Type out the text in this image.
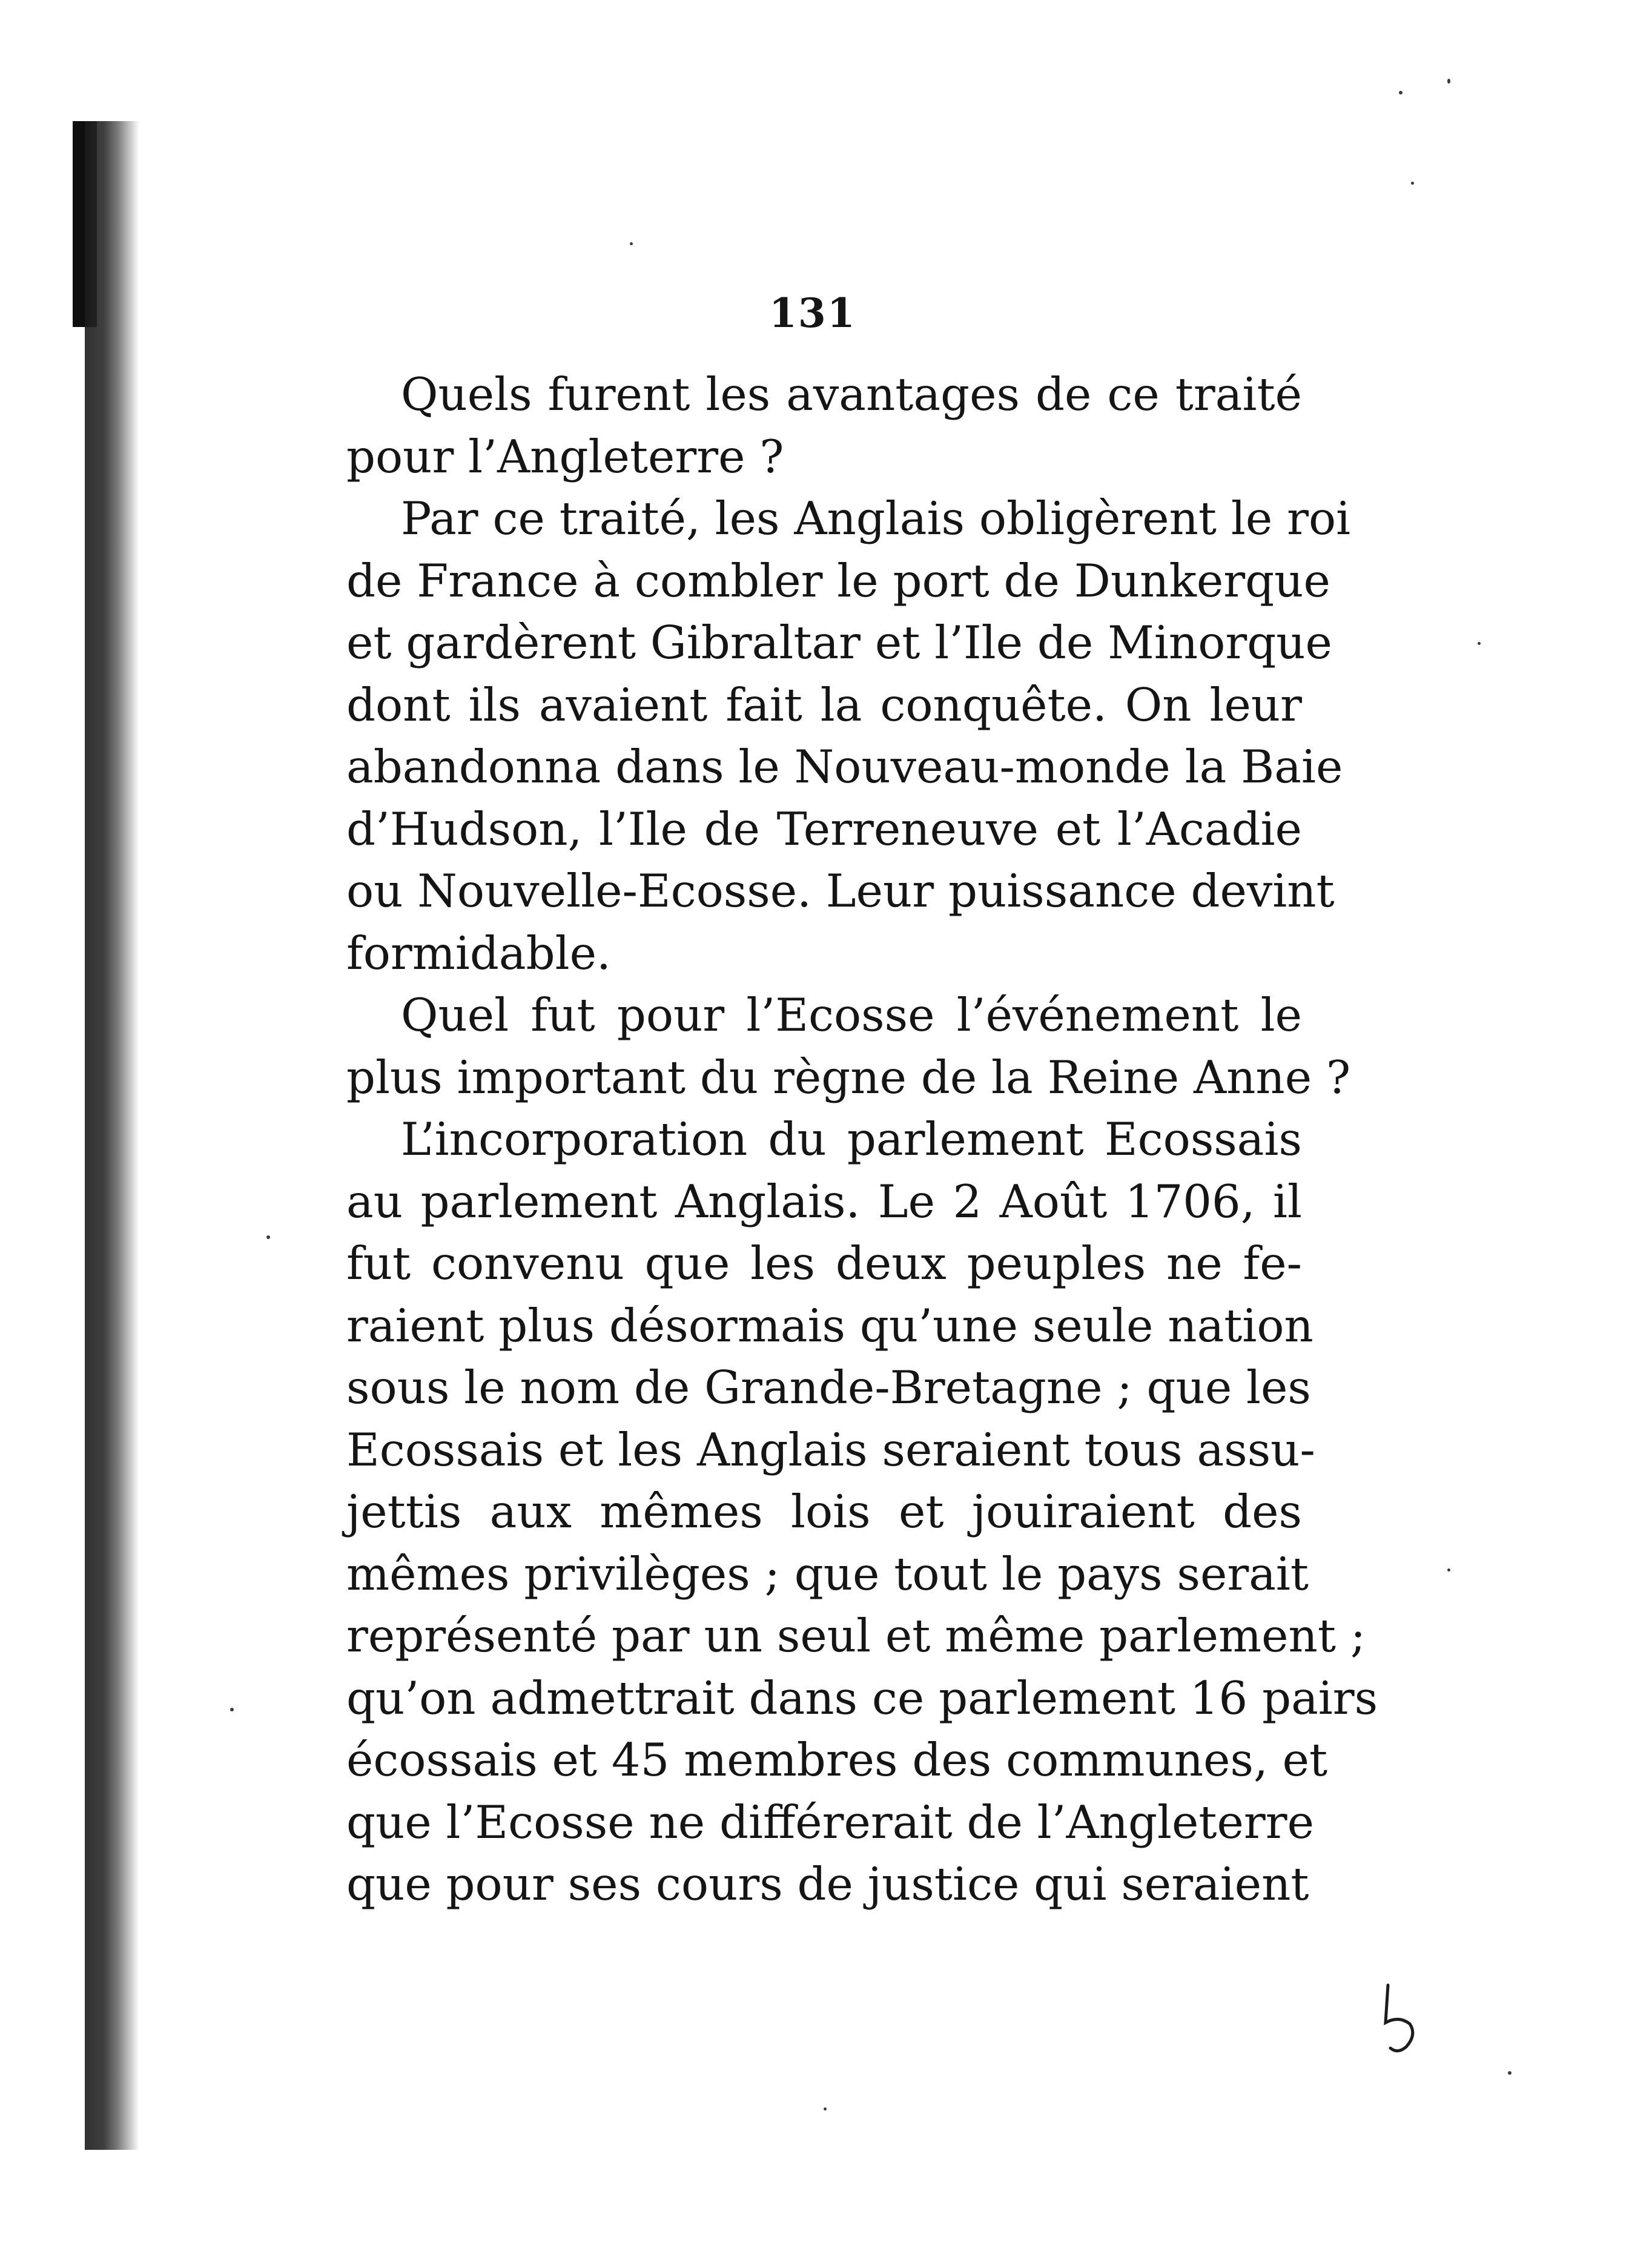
131
Quels furent les avantages de ce traité
pour l’Angleterre ?
Par ce traité, les Anglais obligèrent le roi
de France à combler le port de Dunkerque
et gardèrent Gibraltar et l’Ile de Minorque
dont ils avaient fait la conquête. On leur
abandonna dans le Nouveau-monde la Baie
d’Hudson, l’Ile de Terreneuve et l’Acadie
ou Nouvelle-Ecosse. Leur puissance devint
formidable.
Quel fut pour l’Ecosse l’événement le
plus important du règne de la Reine Anne ?
L’incorporation du parlement Ecossais
au parlement Anglais. Le 2 Août 1706, il
fut convenu que les deux peuples ne fe-
raient plus désormais qu’une seule nation
sous le nom de Grande-Bretagne ; que les
Ecossais et les Anglais seraient tous assu-
jettis aux mêmes lois et jouiraient des
mêmes privilèges ; que tout le pays serait
représenté par un seul et même parlement ;
qu’on admettrait dans ce parlement 16 pairs
écossais et 45 membres des communes, et
que l’Ecosse ne différerait de l’Angleterre
que pour ses cours de justice qui seraient
